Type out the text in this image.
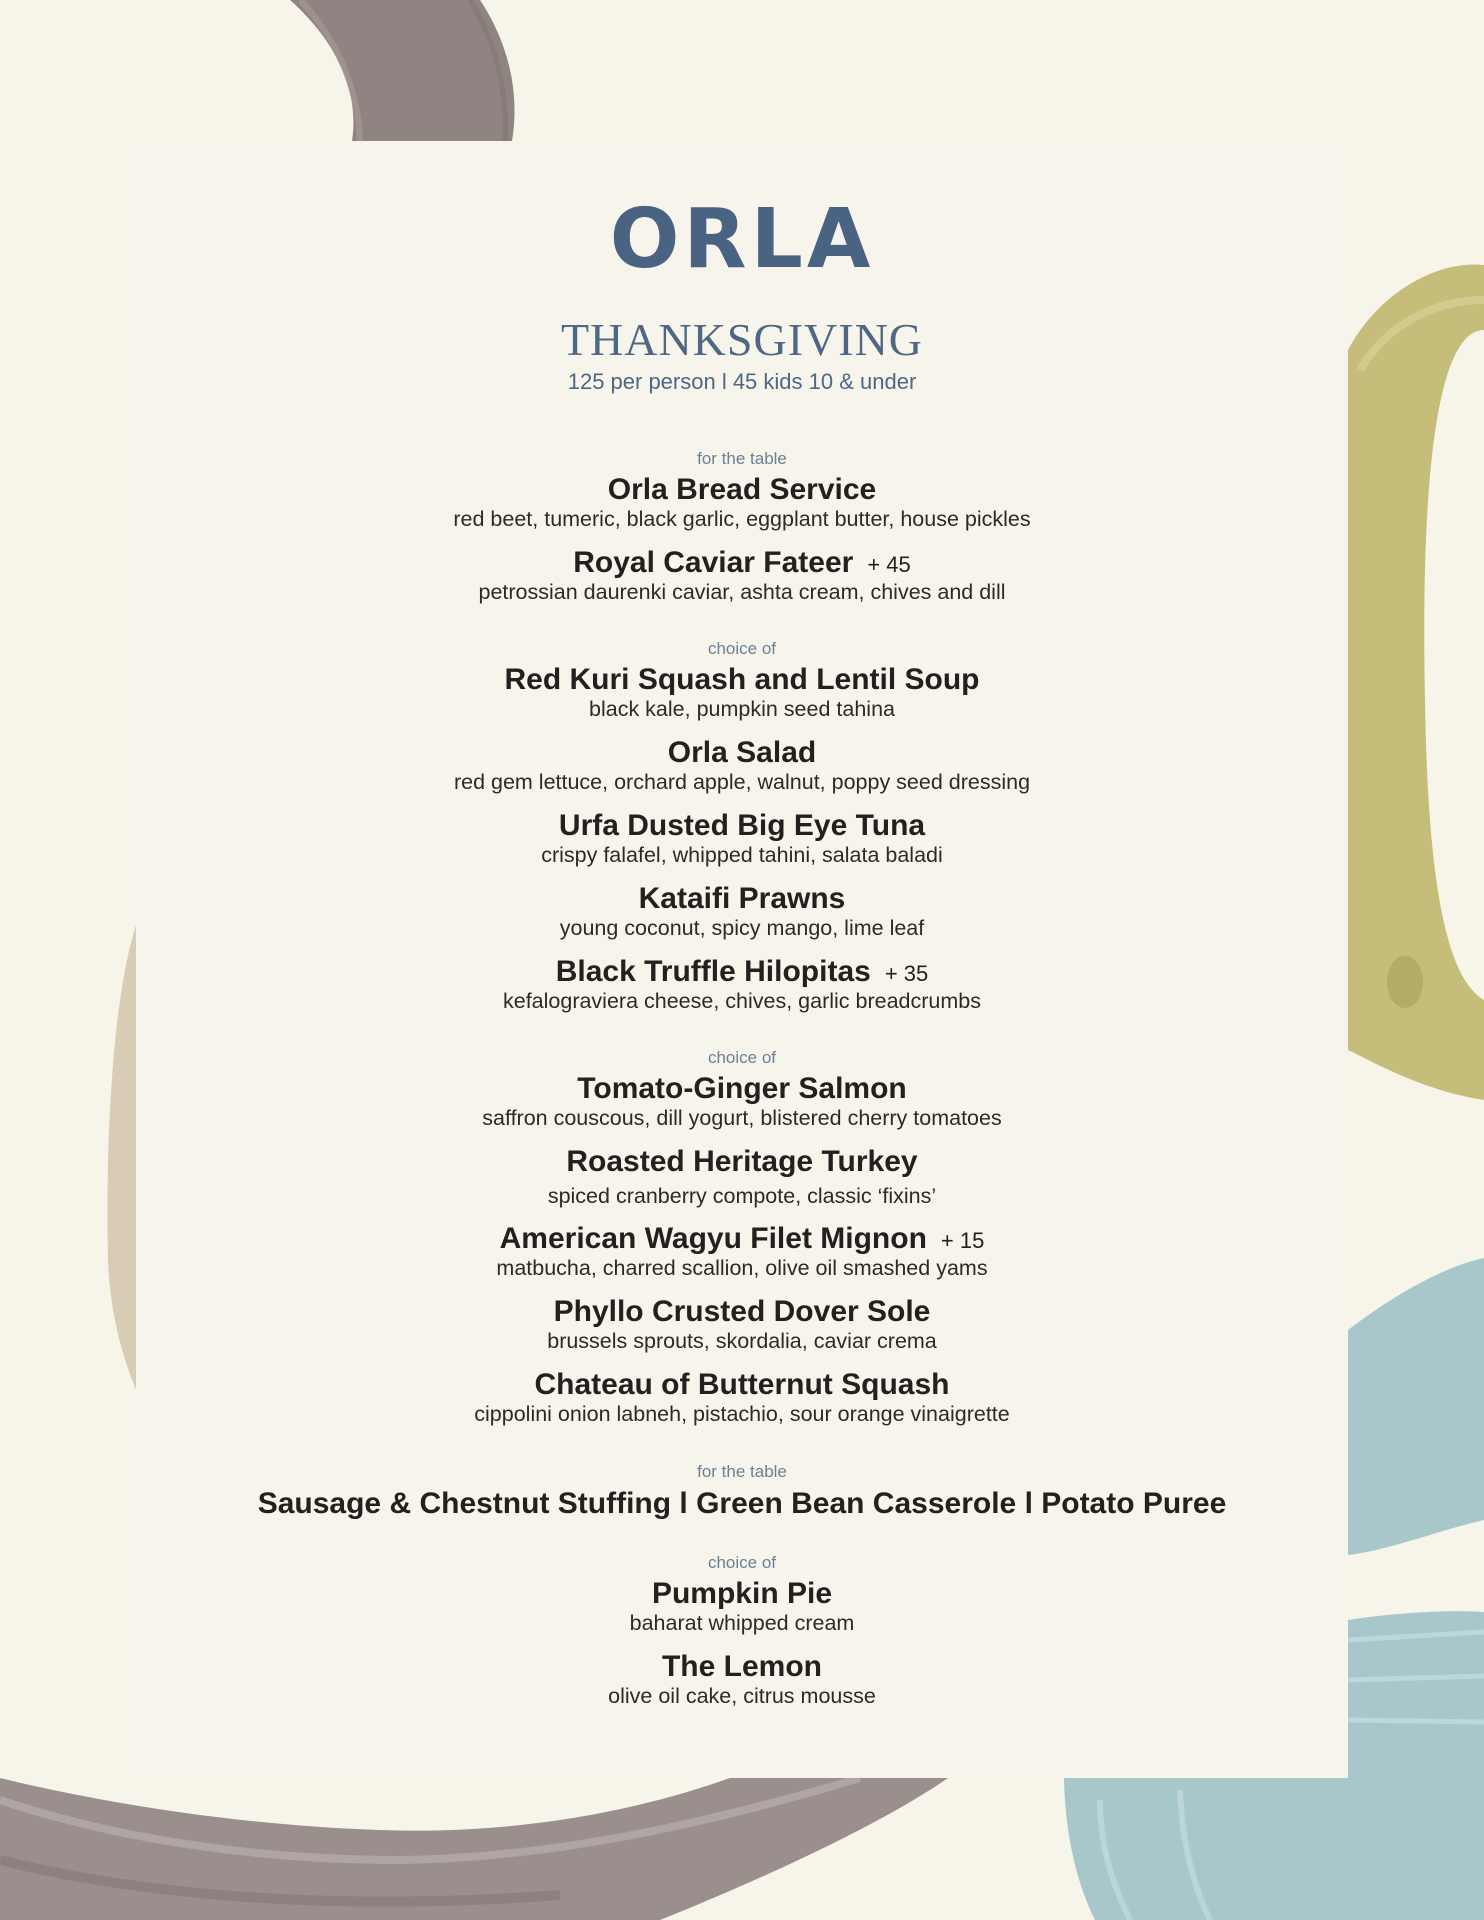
ORLA
THANKSGIVING
125 per person l 45 kids 10 & under
for the table
Orla Bread Service
red beet, tumeric, black garlic, eggplant butter, house pickles
Royal Caviar Fateer + 45
petrossian daurenki caviar, ashta cream, chives and dill
choice of
Red Kuri Squash and Lentil Soup
black kale, pumpkin seed tahina
Orla Salad
red gem lettuce, orchard apple, walnut, poppy seed dressing
Urfa Dusted Big Eye Tuna
crispy falafel, whipped tahini, salata baladi
Kataifi Prawns
young coconut, spicy mango, lime leaf
Black Truffle Hilopitas + 35
kefalograviera cheese, chives, garlic breadcrumbs
choice of
Tomato-Ginger Salmon
saffron couscous, dill yogurt, blistered cherry tomatoes
Roasted Heritage Turkey
spiced cranberry compote, classic ‘fixins’
American Wagyu Filet Mignon + 15
matbucha, charred scallion, olive oil smashed yams
Phyllo Crusted Dover Sole
brussels sprouts, skordalia, caviar crema
Chateau of Butternut Squash
cippolini onion labneh, pistachio, sour orange vinaigrette
for the table
Sausage & Chestnut Stuffing l Green Bean Casserole l Potato Puree
choice of
Pumpkin Pie
baharat whipped cream
The Lemon
olive oil cake, citrus mousse
